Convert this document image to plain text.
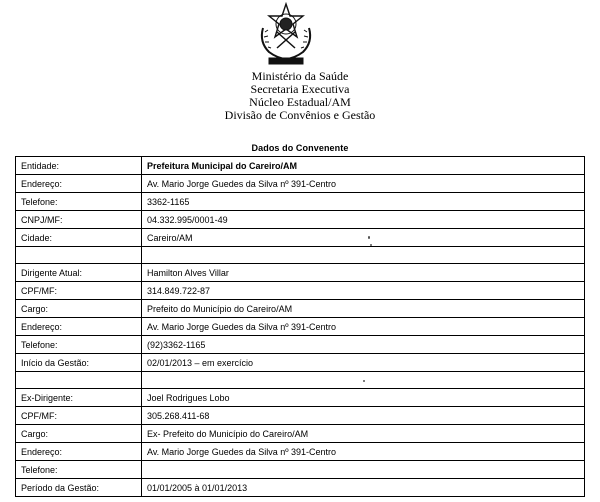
Ministério da Saúde
Secretaria Executiva
Núcleo Estadual/AM
Divisão de Convênios e Gestão
Dados do Convenente
Entidade:	Prefeitura Municipal do Careiro/AM
Endereço:	Av. Mario Jorge Guedes da Silva nº 391-Centro
Telefone:	3362-1165
CNPJ/MF:	04.332.995/0001-49
Cidade:	Careiro/AM

Dirigente Atual:	Hamilton Alves Villar
CPF/MF:	314.849.722-87
Cargo:	Prefeito do Município do Careiro/AM
Endereço:	Av. Mario Jorge Guedes da Silva nº 391-Centro
Telefone:	(92)3362-1165
Início da Gestão:	02/01/2013 – em exercício

Ex-Dirigente:	Joel Rodrigues Lobo
CPF/MF:	305.268.411-68
Cargo:	Ex- Prefeito do Município do Careiro/AM
Endereço:	Av. Mario Jorge Guedes da Silva nº 391-Centro
Telefone:	
Período da Gestão:	01/01/2005 à 01/01/2013
